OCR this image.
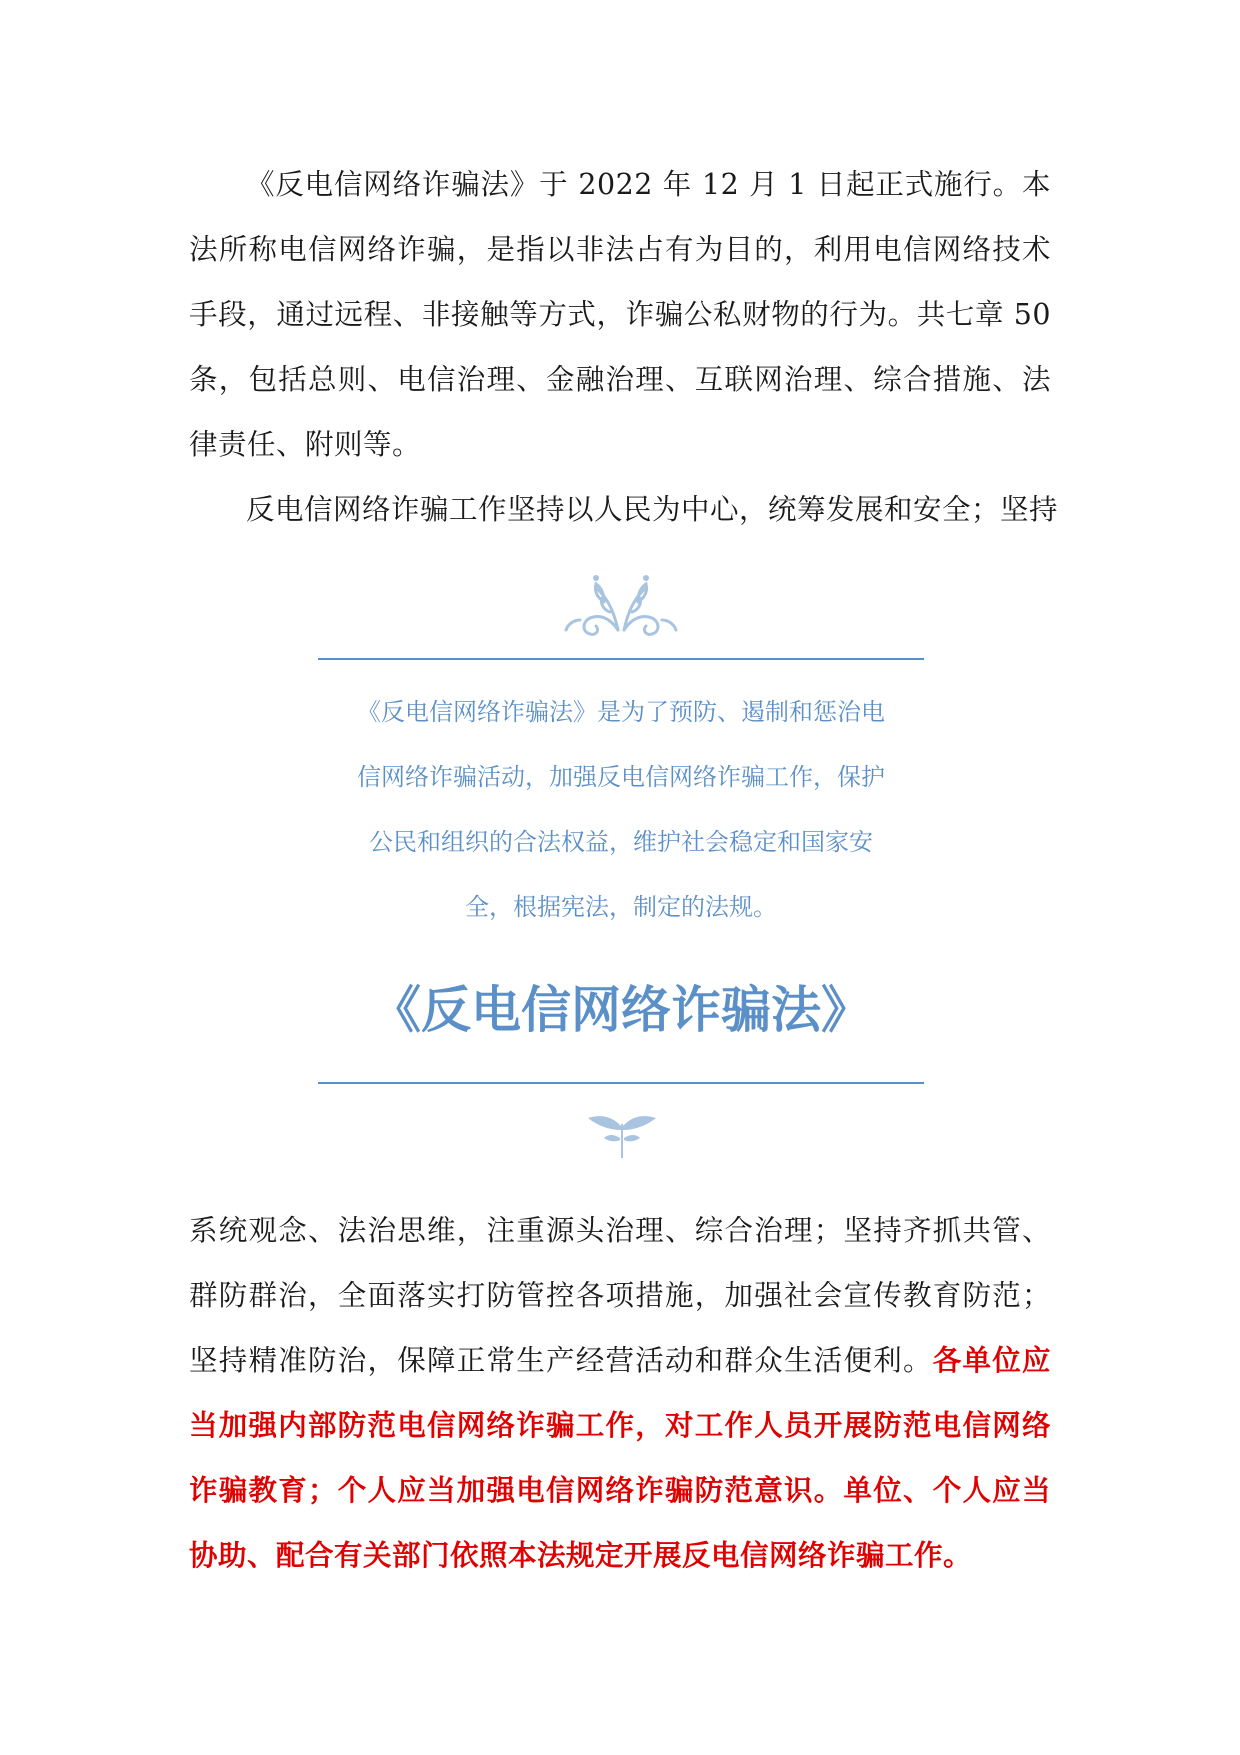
《反电信网络诈骗法》于 2022 年 12 月 1 日起正式施行。本法所称电信网络诈骗，是指以非法占有为目的，利用电信网络技术手段，通过远程、非接触等方式，诈骗公私财物的行为。共七章 50 条，包括总则、电信治理、金融治理、互联网治理、综合措施、法律责任、附则等。

反电信网络诈骗工作坚持以人民为中心，统筹发展和安全；坚持

《反电信网络诈骗法》是为了预防、遏制和惩治电
信网络诈骗活动，加强反电信网络诈骗工作，保护
公民和组织的合法权益，维护社会稳定和国家安
全，根据宪法，制定的法规。

《反电信网络诈骗法》

系统观念、法治思维，注重源头治理、综合治理；坚持齐抓共管、群防群治，全面落实打防管控各项措施，加强社会宣传教育防范；坚持精准防治，保障正常生产经营活动和群众生活便利。各单位应当加强内部防范电信网络诈骗工作，对工作人员开展防范电信网络诈骗教育；个人应当加强电信网络诈骗防范意识。单位、个人应当协助、配合有关部门依照本法规定开展反电信网络诈骗工作。
